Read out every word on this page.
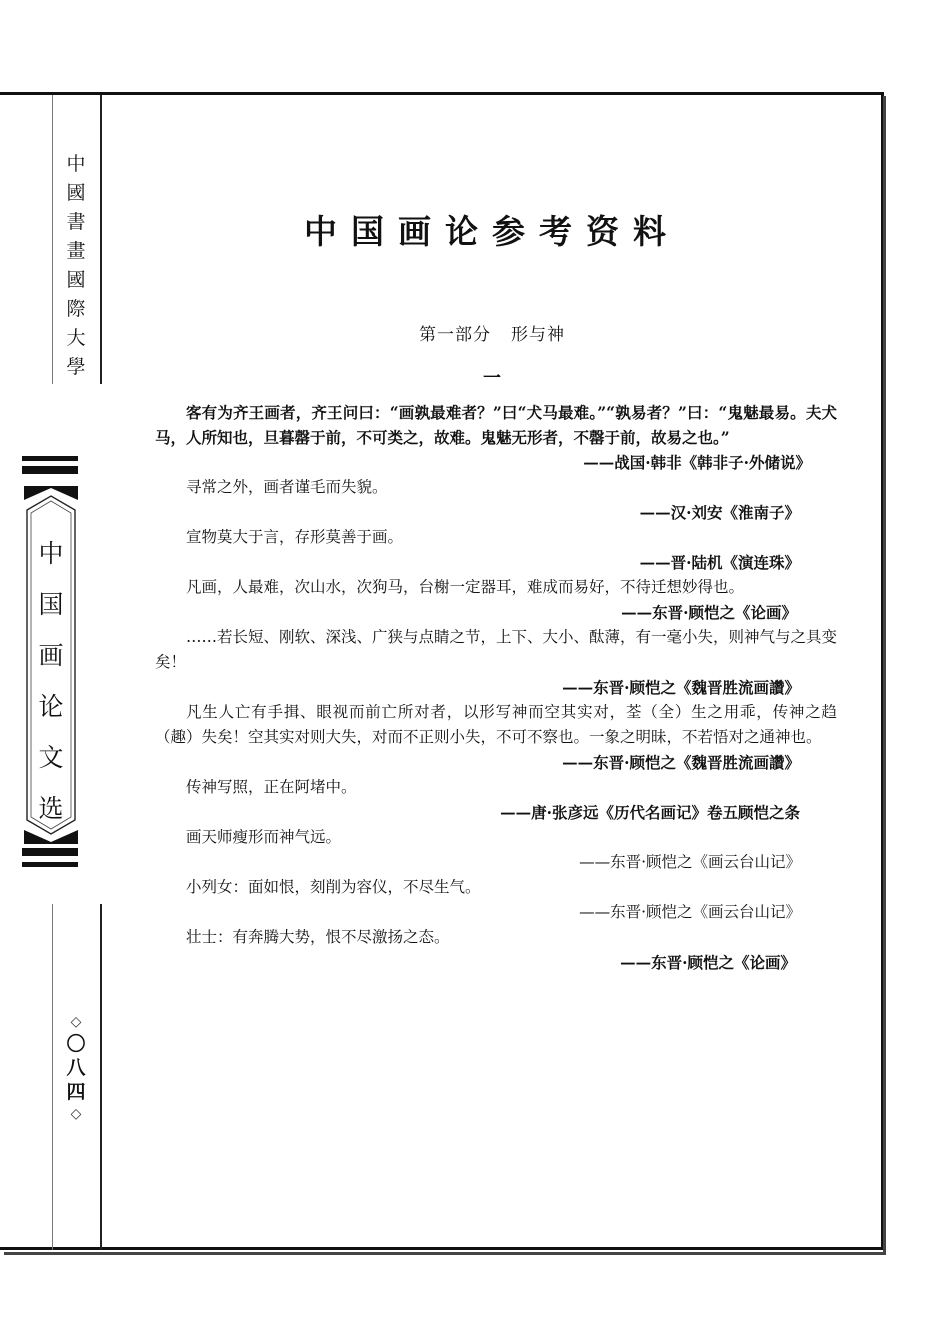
中
國
書
畫
國
際
大
學
中
国
画
论
文
选
◇
〇
八
四
◇
中国画论参考资料
第一部分 形与神
一

客有为齐王画者，齐王问曰：“画孰最难者？”曰“犬马最难。”“孰易者？”曰：“鬼魅最易。夫犬马，人所知也，旦暮罄于前，不可类之，故难。鬼魅无形者，不罄于前，故易之也。”

——战国·韩非《韩非子·外储说》

寻常之外，画者谨毛而失貌。

——汉·刘安《淮南子》

宣物莫大于言，存形莫善于画。

——晋·陆机《演连珠》

凡画，人最难，次山水，次狗马，台榭一定器耳，难成而易好，不待迁想妙得也。

——东晋·顾恺之《论画》

……若长短、刚软、深浅、广狭与点睛之节，上下、大小、酞薄，有一毫小失，则神气与之具变矣！

——东晋·顾恺之《魏晋胜流画讚》

凡生人亡有手揖、眼视而前亡所对者，以形写神而空其实对，荃（全）生之用乖，传神之趋（趣）失矣！空其实对则大失，对而不正则小失，不可不察也。一象之明昧，不若悟对之通神也。

——东晋·顾恺之《魏晋胜流画讚》

传神写照，正在阿堵中。

——唐·张彦远《历代名画记》卷五顾恺之条

画天师瘦形而神气远。

——东晋·顾恺之《画云台山记》

小列女：面如恨，刻削为容仪，不尽生气。

——东晋·顾恺之《画云台山记》

壮士：有奔腾大势，恨不尽激扬之态。

——东晋·顾恺之《论画》
